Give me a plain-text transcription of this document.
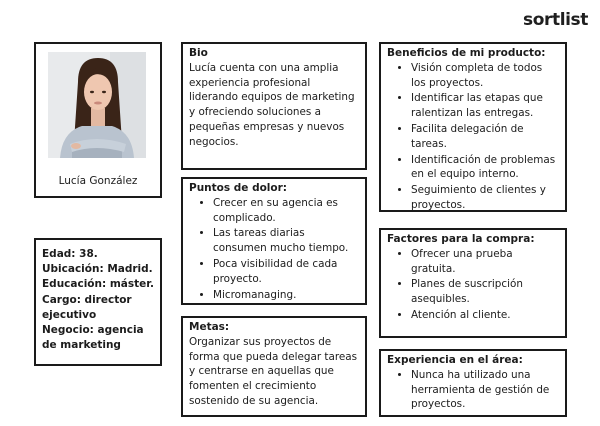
sortlist
Lucía González
Edad: 38.
Ubicación: Madrid.
Educación: máster.
Cargo: director ejecutivo
Negocio: agencia de marketing
Bio

Lucía cuenta con una amplia experiencia profesional liderando equipos de marketing y ofreciendo soluciones a pequeñas empresas y nuevos negocios.

Puntos de dolor:
• Crecer en su agencia es complicado.
• Las tareas diarias consumen mucho tiempo.
• Poca visibilidad de cada proyecto.
• Micromanaging.
Metas:

Organizar sus proyectos de forma que pueda delegar tareas y centrarse en aquellas que fomenten el crecimiento sostenido de su agencia.

Beneficios de mi producto:
• Visión completa de todos los proyectos.
• Identificar las etapas que ralentizan las entregas.
• Facilita delegación de tareas.
• Identificación de problemas en el equipo interno.
• Seguimiento de clientes y proyectos.
Factores para la compra:
• Ofrecer una prueba gratuita.
• Planes de suscripción asequibles.
• Atención al cliente.
Experiencia en el área:
• Nunca ha utilizado una herramienta de gestión de proyectos.
